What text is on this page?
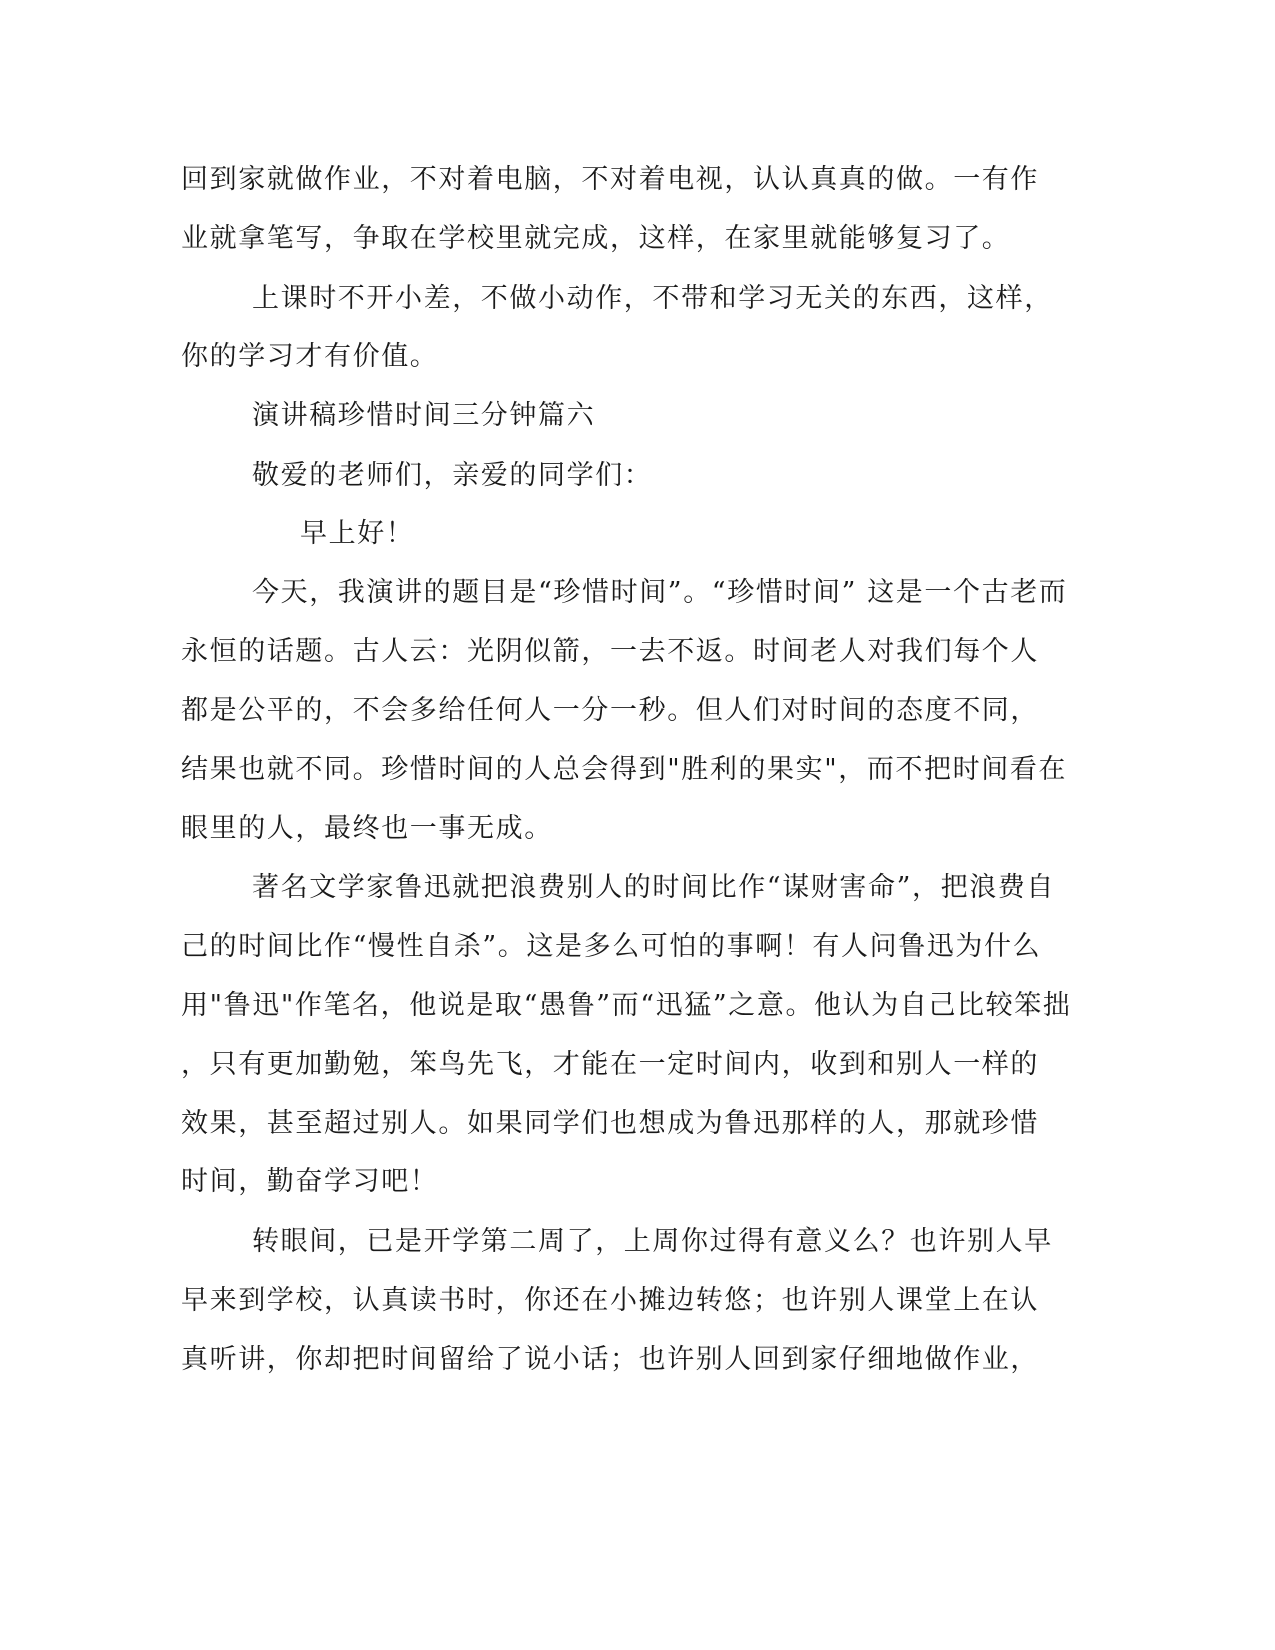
回到家就做作业，不对着电脑，不对着电视，认认真真的做。一有作
业就拿笔写，争取在学校里就完成，这样，在家里就能够复习了。
上课时不开小差，不做小动作，不带和学习无关的东西，这样，
你的学习才有价值。
演讲稿珍惜时间三分钟篇六
敬爱的老师们，亲爱的同学们：
早上好！
今天，我演讲的题目是“珍惜时间”。“珍惜时间” 这是一个古老而
永恒的话题。古人云：光阴似箭，一去不返。时间老人对我们每个人
都是公平的，不会多给任何人一分一秒。但人们对时间的态度不同，
结果也就不同。珍惜时间的人总会得到"胜利的果实"，而不把时间看在
眼里的人，最终也一事无成。
著名文学家鲁迅就把浪费别人的时间比作“谋财害命”，把浪费自
己的时间比作“慢性自杀”。这是多么可怕的事啊！有人问鲁迅为什么
用"鲁迅"作笔名，他说是取“愚鲁”而“迅猛”之意。他认为自己比较笨拙
，只有更加勤勉，笨鸟先飞，才能在一定时间内，收到和别人一样的
效果，甚至超过别人。如果同学们也想成为鲁迅那样的人，那就珍惜
时间，勤奋学习吧！
转眼间，已是开学第二周了，上周你过得有意义么？也许别人早
早来到学校，认真读书时，你还在小摊边转悠；也许别人课堂上在认
真听讲，你却把时间留给了说小话；也许别人回到家仔细地做作业，
